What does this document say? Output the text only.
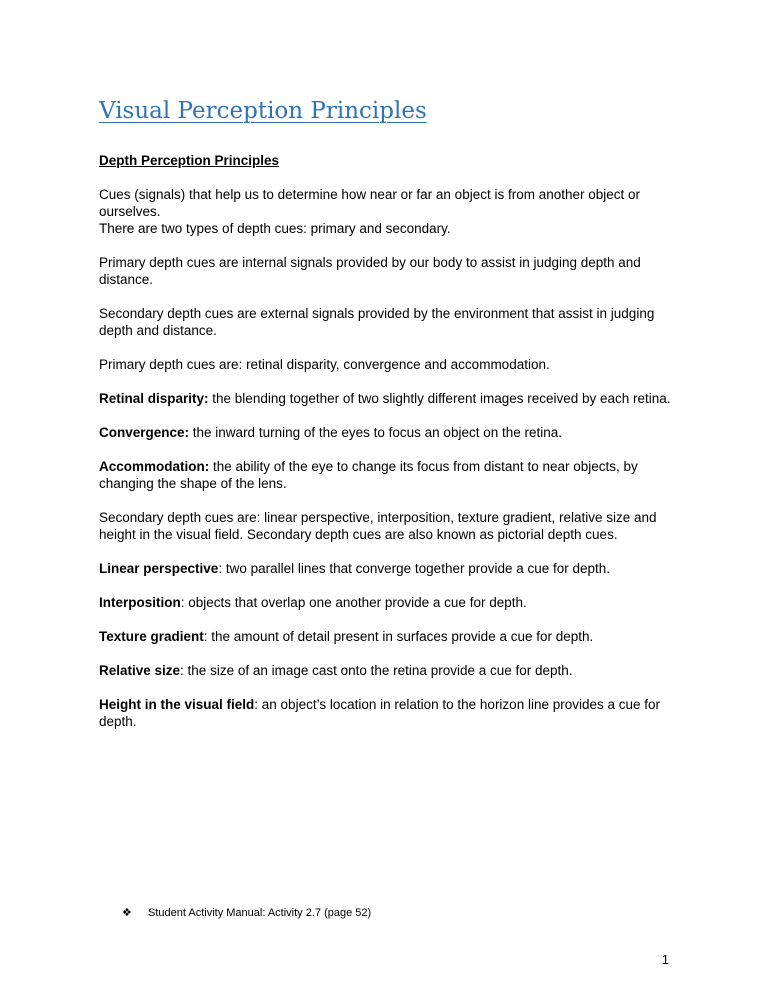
Visual Perception Principles

Depth Perception Principles

Cues (signals) that help us to determine how near or far an object is from another object or ourselves.
There are two types of depth cues: primary and secondary.

Primary depth cues are internal signals provided by our body to assist in judging depth and distance.

Secondary depth cues are external signals provided by the environment that assist in judging depth and distance.

Primary depth cues are: retinal disparity, convergence and accommodation.

Retinal disparity: the blending together of two slightly different images received by each retina.

Convergence: the inward turning of the eyes to focus an object on the retina.

Accommodation: the ability of the eye to change its focus from distant to near objects, by changing the shape of the lens.

Secondary depth cues are: linear perspective, interposition, texture gradient, relative size and height in the visual field. Secondary depth cues are also known as pictorial depth cues.

Linear perspective: two parallel lines that converge together provide a cue for depth.

Interposition: objects that overlap one another provide a cue for depth.

Texture gradient: the amount of detail present in surfaces provide a cue for depth.

Relative size: the size of an image cast onto the retina provide a cue for depth.

Height in the visual field: an object’s location in relation to the horizon line provides a cue for depth.

❖ Student Activity Manual: Activity 2.7 (page 52)
1
